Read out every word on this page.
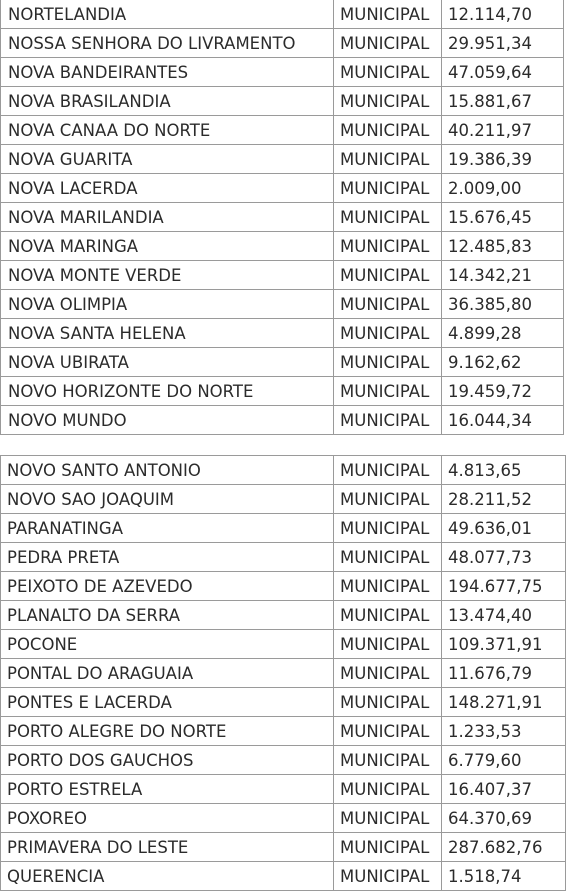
NORTELANDIA	MUNICIPAL	12.114,70
NOSSA SENHORA DO LIVRAMENTO	MUNICIPAL	29.951,34
NOVA BANDEIRANTES	MUNICIPAL	47.059,64
NOVA BRASILANDIA	MUNICIPAL	15.881,67
NOVA CANAA DO NORTE	MUNICIPAL	40.211,97
NOVA GUARITA	MUNICIPAL	19.386,39
NOVA LACERDA	MUNICIPAL	2.009,00
NOVA MARILANDIA	MUNICIPAL	15.676,45
NOVA MARINGA	MUNICIPAL	12.485,83
NOVA MONTE VERDE	MUNICIPAL	14.342,21
NOVA OLIMPIA	MUNICIPAL	36.385,80
NOVA SANTA HELENA	MUNICIPAL	4.899,28
NOVA UBIRATA	MUNICIPAL	9.162,62
NOVO HORIZONTE DO NORTE	MUNICIPAL	19.459,72
NOVO MUNDO	MUNICIPAL	16.044,34
NOVO SANTO ANTONIO	MUNICIPAL	4.813,65
NOVO SAO JOAQUIM	MUNICIPAL	28.211,52
PARANATINGA	MUNICIPAL	49.636,01
PEDRA PRETA	MUNICIPAL	48.077,73
PEIXOTO DE AZEVEDO	MUNICIPAL	194.677,75
PLANALTO DA SERRA	MUNICIPAL	13.474,40
POCONE	MUNICIPAL	109.371,91
PONTAL DO ARAGUAIA	MUNICIPAL	11.676,79
PONTES E LACERDA	MUNICIPAL	148.271,91
PORTO ALEGRE DO NORTE	MUNICIPAL	1.233,53
PORTO DOS GAUCHOS	MUNICIPAL	6.779,60
PORTO ESTRELA	MUNICIPAL	16.407,37
POXOREO	MUNICIPAL	64.370,69
PRIMAVERA DO LESTE	MUNICIPAL	287.682,76
QUERENCIA	MUNICIPAL	1.518,74
